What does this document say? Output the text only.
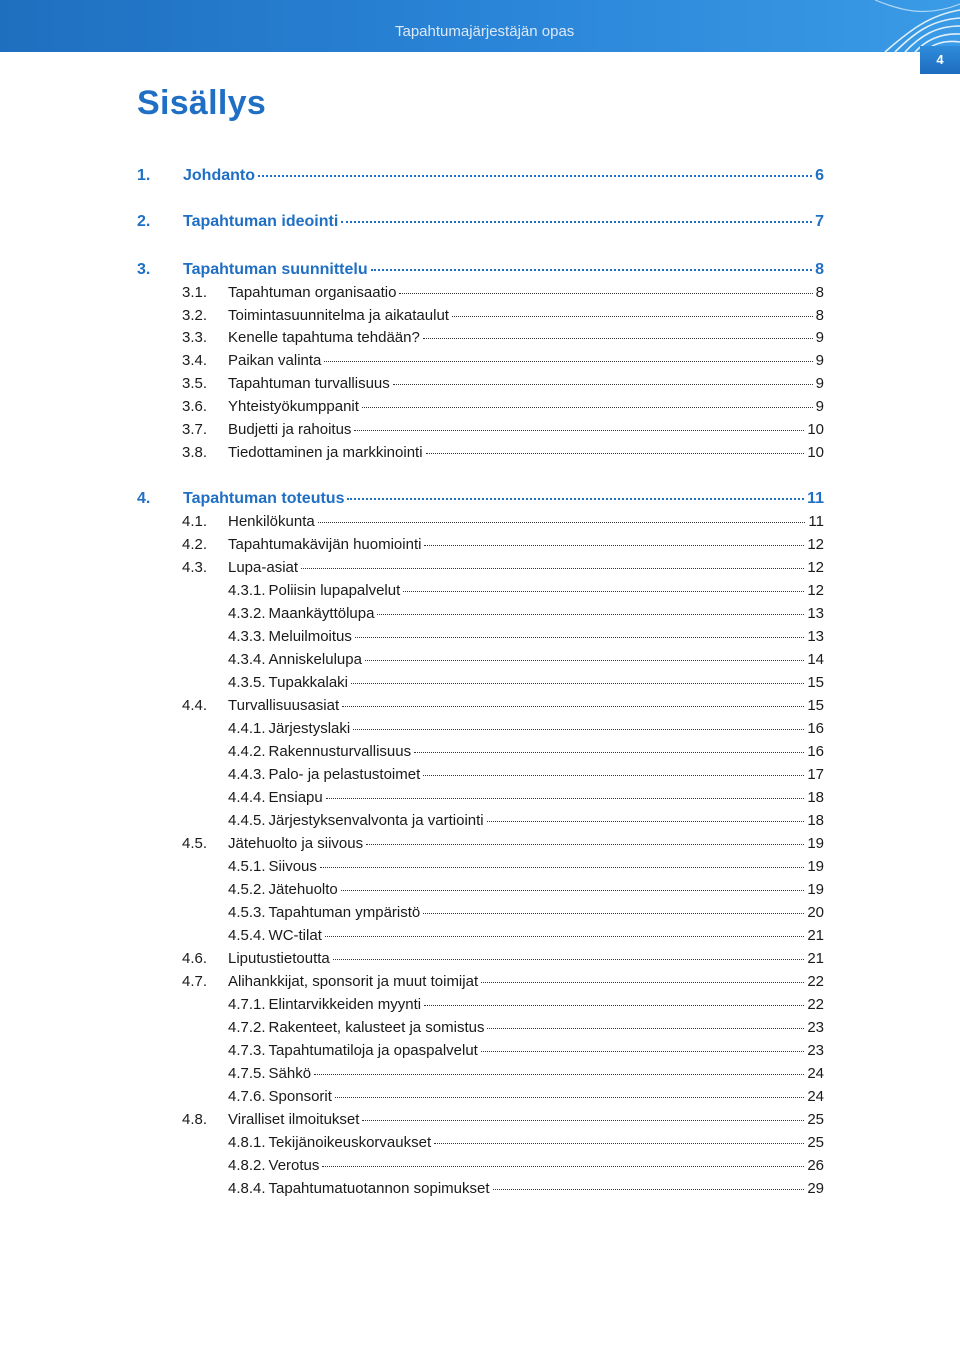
Tapahtumajärjestäjän opas
4
Sisällys
1.	Johdanto	6
2.	Tapahtuman ideointi	7
3.	Tapahtuman suunnittelu	8
3.1.	Tapahtuman organisaatio	8
3.2.	Toimintasuunnitelma ja aikataulut	8
3.3.	Kenelle tapahtuma tehdään?	9
3.4.	Paikan valinta	9
3.5.	Tapahtuman turvallisuus	9
3.6.	Yhteistyökumppanit	9
3.7.	Budjetti ja rahoitus	10
3.8.	Tiedottaminen ja markkinointi	10
4.	Tapahtuman toteutus	11
4.1.	Henkilökunta	11
4.2.	Tapahtumakävijän huomiointi	12
4.3.	Lupa-asiat	12
4.3.1. Poliisin lupapalvelut	12
4.3.2. Maankäyttölupa	13
4.3.3. Meluilmoitus	13
4.3.4. Anniskelulupa	14
4.3.5. Tupakkalaki	15
4.4.	Turvallisuusasiat	15
4.4.1. Järjestyslaki	16
4.4.2. Rakennusturvallisuus	16
4.4.3. Palo- ja pelastustoimet	17
4.4.4. Ensiapu	18
4.4.5. Järjestyksenvalvonta ja vartiointi	18
4.5.	Jätehuolto ja siivous	19
4.5.1. Siivous	19
4.5.2. Jätehuolto	19
4.5.3. Tapahtuman ympäristö	20
4.5.4. WC-tilat	21
4.6.	Liputustietoutta	21
4.7.	Alihankkijat, sponsorit ja muut toimijat	22
4.7.1. Elintarvikkeiden myynti	22
4.7.2. Rakenteet, kalusteet ja somistus	23
4.7.3. Tapahtumatiloja ja opaspalvelut	23
4.7.5. Sähkö	24
4.7.6. Sponsorit	24
4.8.	Viralliset ilmoitukset	25
4.8.1. Tekijänoikeuskorvaukset	25
4.8.2. Verotus	26
4.8.4. Tapahtumatuotannon sopimukset	29
